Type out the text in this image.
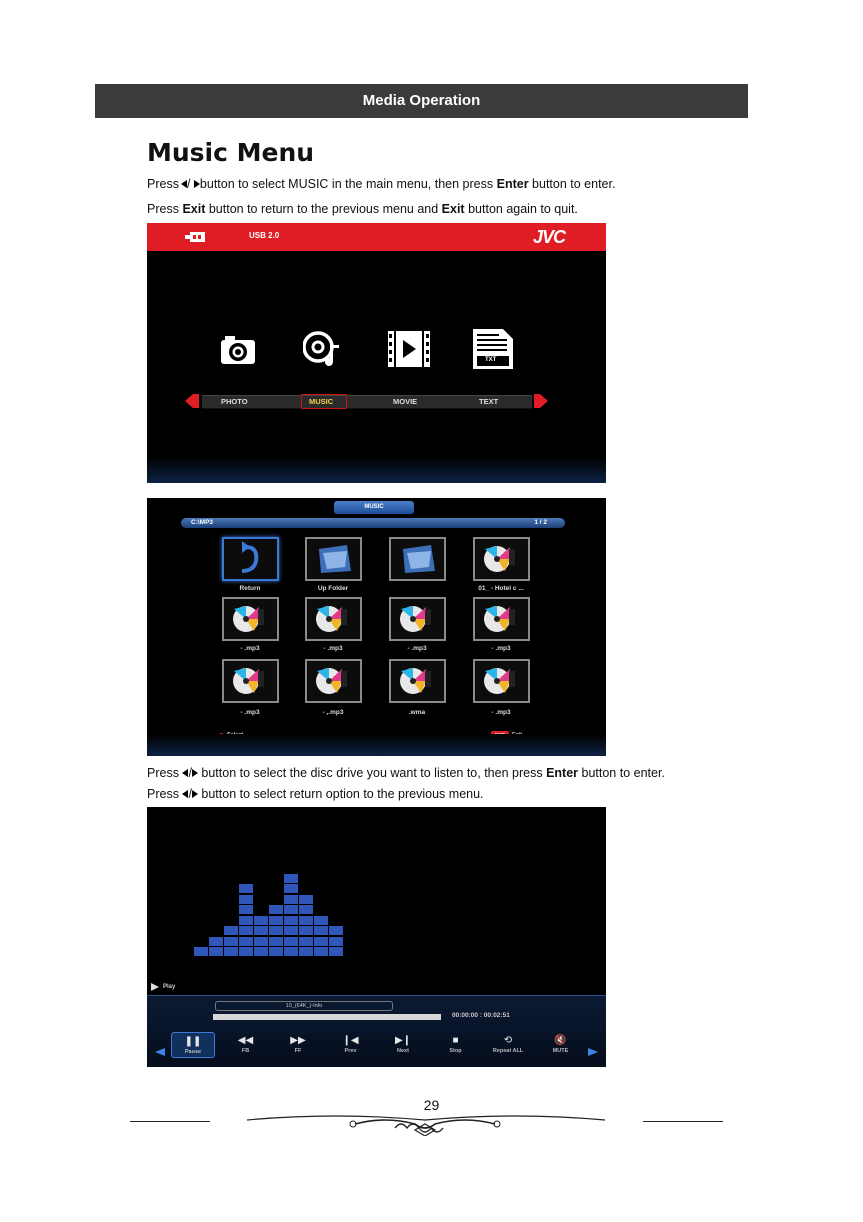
Media Operation
Music Menu
Press / button to select MUSIC in the main menu, then press Enter button to enter.
Press Exit button to return to the previous menu and Exit button again to quit.
USB 2.0	JVC
TXT
PHOTO	MUSIC	MOVIE	TEXT
MUSIC
C:\MP3	1 / 2
Return	Up Folder	01_ - Hotel c ...
- .mp3	- .mp3	- .mp3	- .mp3
- .mp3	- ,.mp3	.wma	- .mp3
Press / button to select the disc drive you want to listen to, then press Enter button to enter.
Press / button to select return option to the previous menu.
Play
10_(64K_)-Info
00:00:00 : 00:02:51
❚❚
Pause
◀◀
FB
▶▶
FF
❙◀
Prev
▶❙
Next
■
Stop
⟲
Repeat ALL
🔇
MUTE
29
